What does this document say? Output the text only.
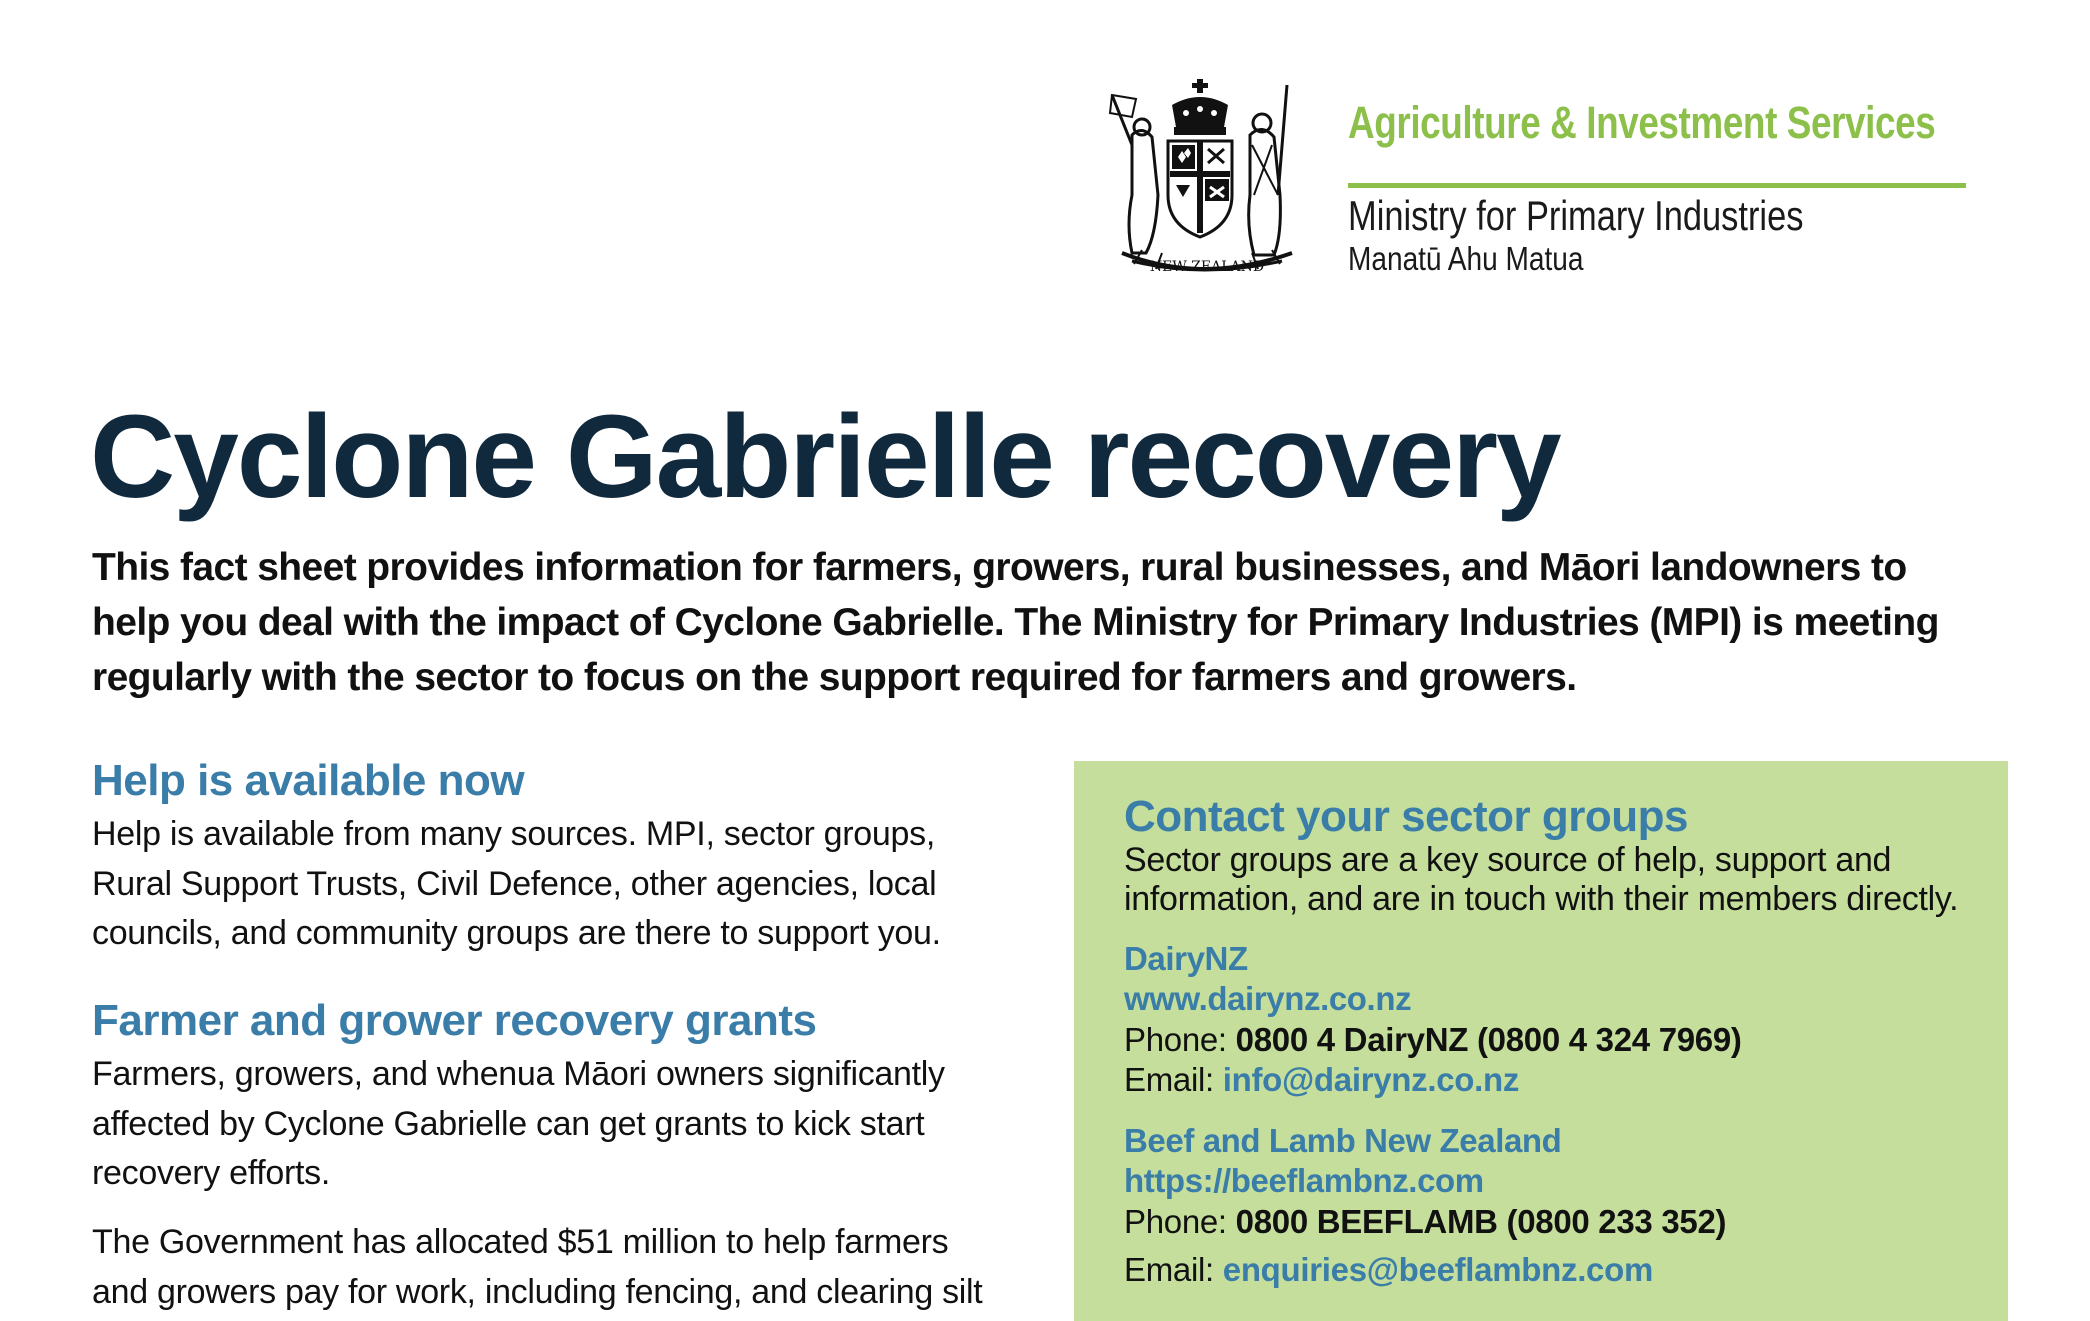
NEW ZEALAND
Agriculture & Investment Services
Ministry for Primary Industries
Manatū Ahu Matua
Cyclone Gabrielle recovery

This fact sheet provides information for farmers, growers, rural businesses, and Māori landowners to help you deal with the impact of Cyclone Gabrielle. The Ministry for Primary Industries (MPI) is meeting regularly with the sector to focus on the support required for farmers and growers.

Help is available now

Help is available from many sources. MPI, sector groups, Rural Support Trusts, Civil Defence, other agencies, local councils, and community groups are there to support you.

Farmer and grower recovery grants

Farmers, growers, and whenua Māori owners significantly affected by Cyclone Gabrielle can get grants to kick start recovery efforts.

The Government has allocated $51 million to help farmers and growers pay for work, including fencing, and clearing silt

Contact your sector groups

Sector groups are a key source of help, support and information, and are in touch with their members directly.

DairyNZ
www.dairynz.co.nz
Phone: 0800 4 DairyNZ (0800 4 324 7969)
Email: info@dairynz.co.nz
Beef and Lamb New Zealand
https://beeflambnz.com
Phone: 0800 BEEFLAMB (0800 233 352)
Email: enquiries@beeflambnz.com
